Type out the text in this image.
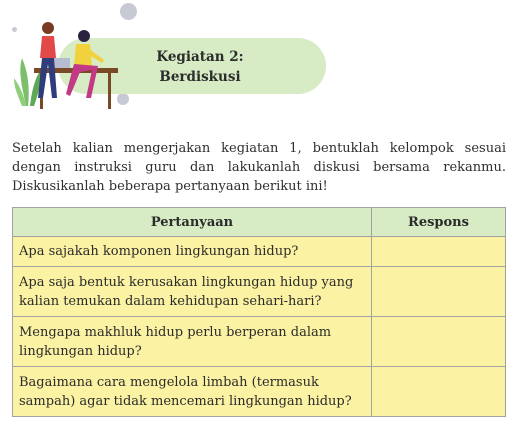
Kegiatan 2:
Berdiskusi

Setelah kalian mengerjakan kegiatan 1, bentuklah kelompok sesuai dengan instruksi guru dan lakukanlah diskusi bersama rekanmu. Diskusikanlah beberapa pertanyaan berikut ini!

Pertanyaan	Respons
Apa sajakah komponen lingkungan hidup?	
Apa saja bentuk kerusakan lingkungan hidup yang kalian temukan dalam kehidupan sehari-hari?	
Mengapa makhluk hidup perlu berperan dalam lingkungan hidup?	
Bagaimana cara mengelola limbah (termasuk sampah) agar tidak mencemari lingkungan hidup?	
